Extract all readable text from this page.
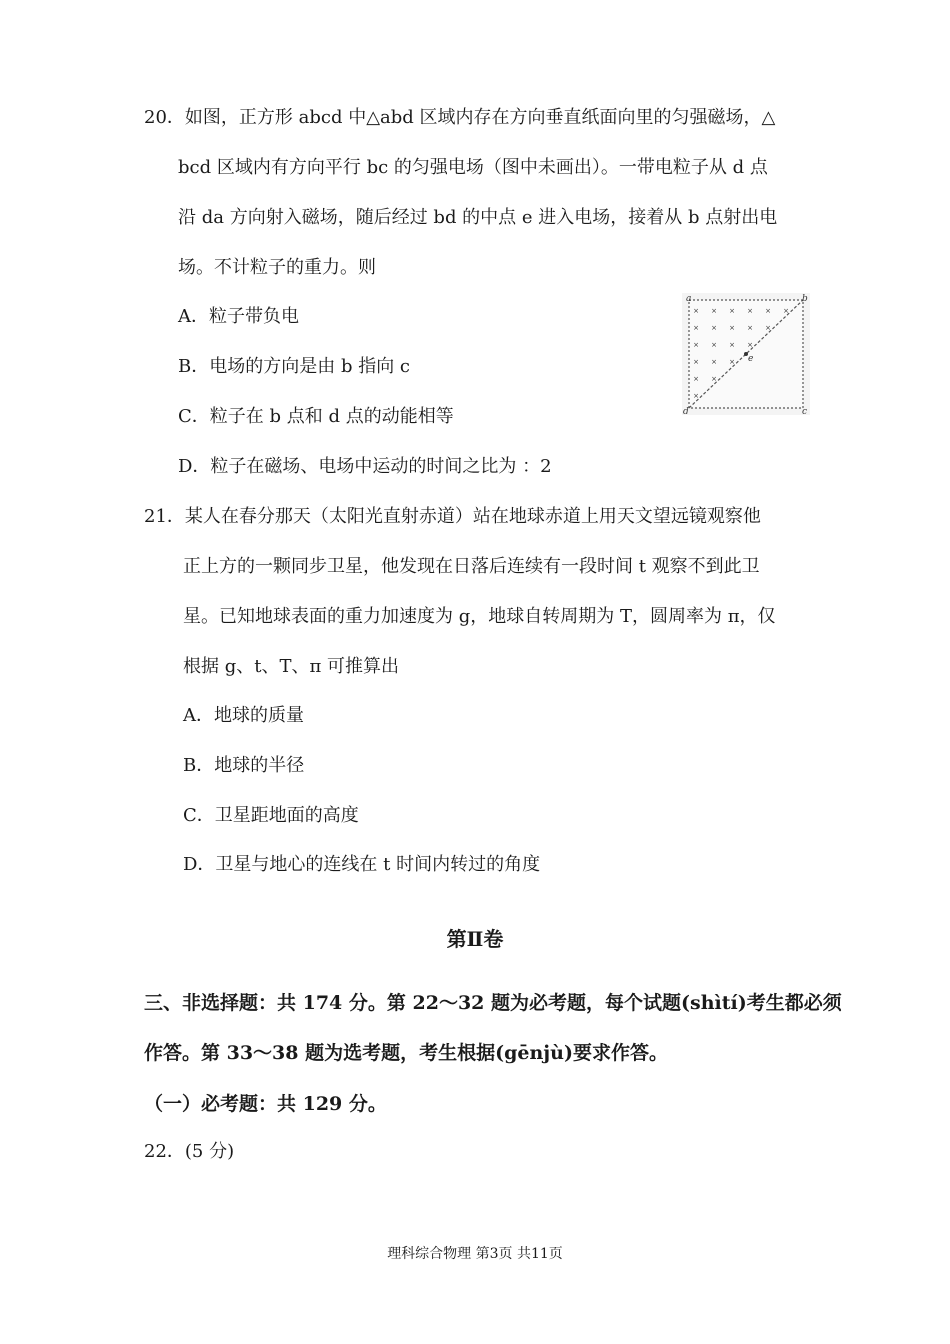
20．如图，正方形 abcd 中△abd 区域内存在方向垂直纸面向里的匀强磁场，△
bcd 区域内有方向平行 bc 的匀强电场（图中未画出）。一带电粒子从 d 点
沿 da 方向射入磁场，随后经过 bd 的中点 e 进入电场，接着从 b 点射出电
场。不计粒子的重力。则
A．粒子带负电
B．电场的方向是由 b 指向 c
C．粒子在 b 点和 d 点的动能相等
D．粒子在磁场、电场中运动的时间之比为 ：2
× × × × × ×
× × × × ×
× × × ×
× × ×
× ×
×
a	b
c
d
e
21．某人在春分那天（太阳光直射赤道）站在地球赤道上用天文望远镜观察他
正上方的一颗同步卫星，他发现在日落后连续有一段时间 t 观察不到此卫
星。已知地球表面的重力加速度为 g，地球自转周期为 T，圆周率为 π，仅
根据 g、t、T、π 可推算出
A．地球的质量
B．地球的半径
C．卫星距地面的高度
D．卫星与地心的连线在 t 时间内转过的角度
第Ⅱ卷
三、非选择题：共 174 分。第 22～32 题为必考题，每个试题(shìtí)考生都必须
作答。第 33～38 题为选考题，考生根据(gēnjù)要求作答。
（一）必考题：共 129 分。
22．(5 分)
理科综合物理 第3页 共11页
